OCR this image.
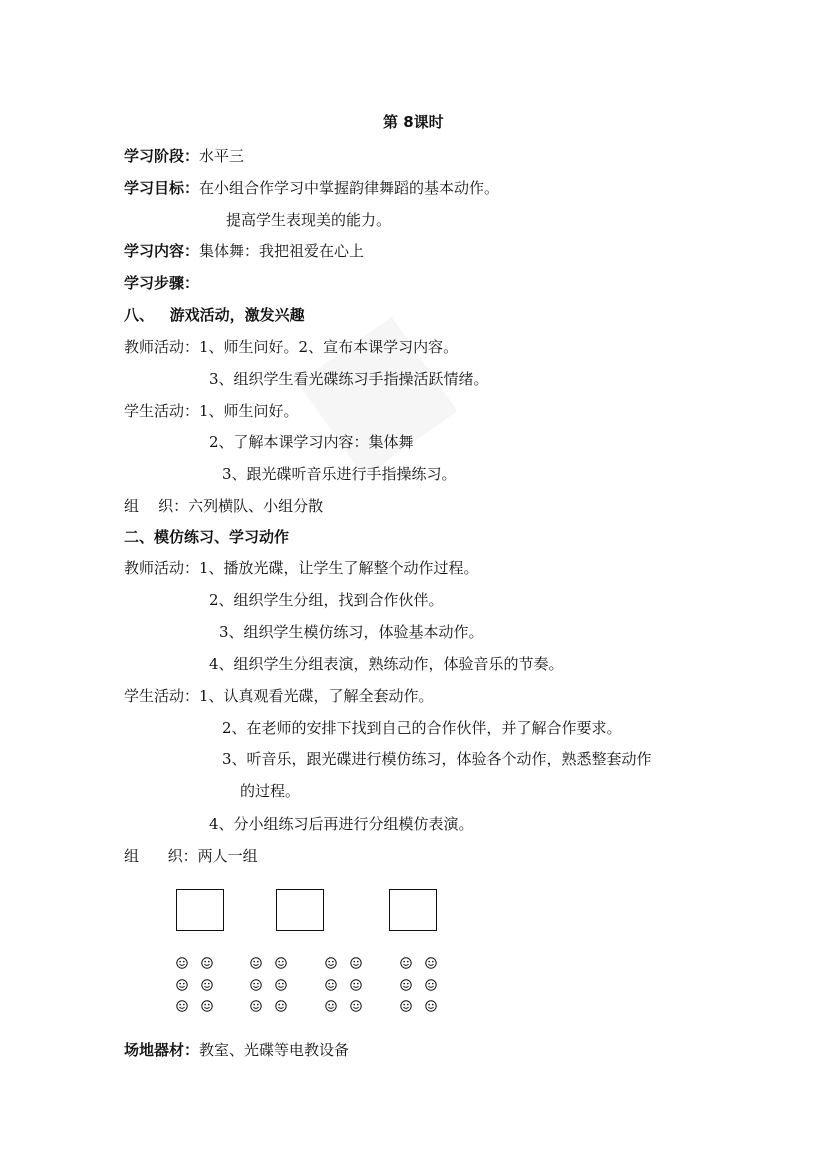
第 8课时
学习阶段：水平三
学习目标：在小组合作学习中掌握韵律舞蹈的基本动作。
提高学生表现美的能力。
学习内容：集体舞：我把祖爱在心上
学习步骤：
八、   游戏活动，激发兴趣
教师活动：1、师生问好。2、宣布本课学习内容。
3、组织学生看光碟练习手指操活跃情绪。
学生活动：1、师生问好。
2、了解本课学习内容：集体舞
3、跟光碟听音乐进行手指操练习。
组    织：六列横队、小组分散
二、模仿练习、学习动作
教师活动：1、播放光碟，让学生了解整个动作过程。
2、组织学生分组，找到合作伙伴。
3、组织学生模仿练习，体验基本动作。
4、组织学生分组表演，熟练动作，体验音乐的节奏。
学生活动：1、认真观看光碟，了解全套动作。
2、在老师的安排下找到自己的合作伙伴，并了解合作要求。
3、听音乐，跟光碟进行模仿练习，体验各个动作，熟悉整套动作
的过程。
4、分小组练习后再进行分组模仿表演。
组      织：两人一组
场地器材：教室、光碟等电教设备
